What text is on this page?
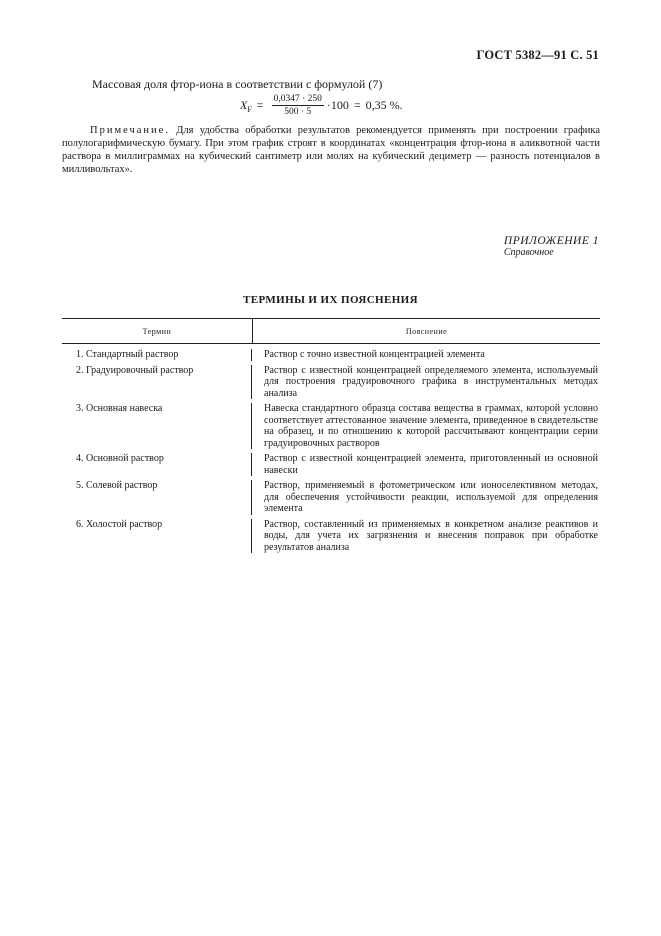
ГОСТ 5382—91 С. 51
Массовая доля фтор-иона в соответствии с формулой (7)
$X_F = \frac{0,0347 \cdot 250}{500 \cdot 5} \cdot 100 = 0,35$ %.
Примечание. Для удобства обработки результатов рекомендуется применять при построении графика полулогарифмическую бумагу. При этом график строят в координатах «концентрация фтор-иона в аликвотной части раствора в миллиграммах на кубический сантиметр или молях на кубический дециметр — разность потенциалов в милливольтах».
ПРИЛОЖЕНИЕ 1
Справочное
ТЕРМИНЫ И ИХ ПОЯСНЕНИЯ
Термин	Пояснение
1. Стандартный раствор	Раствор с точно известной концентрацией элемента
2. Градуировочный раствор	Раствор с известной концентрацией определяемого элемента, используемый для построения градуировочного графика в инструментальных методах анализа
3. Основная навеска	Навеска стандартного образца состава вещества в граммах, которой условно соответствует аттестованное значение элемента, приведенное в свидетельстве на образец, и по отношению к которой рассчитывают концентрации серии градуировочных растворов
4. Основной раствор	Раствор с известной концентрацией элемента, приготовленный из основной навески
5. Солевой раствор	Раствор, применяемый в фотометрическом или ионоселективном методах, для обеспечения устойчивости реакции, используемой для определения элемента
6. Холостой раствор	Раствор, составленный из применяемых в конкретном анализе реактивов и воды, для учета их загрязнения и внесения поправок при обработке результатов анализа
